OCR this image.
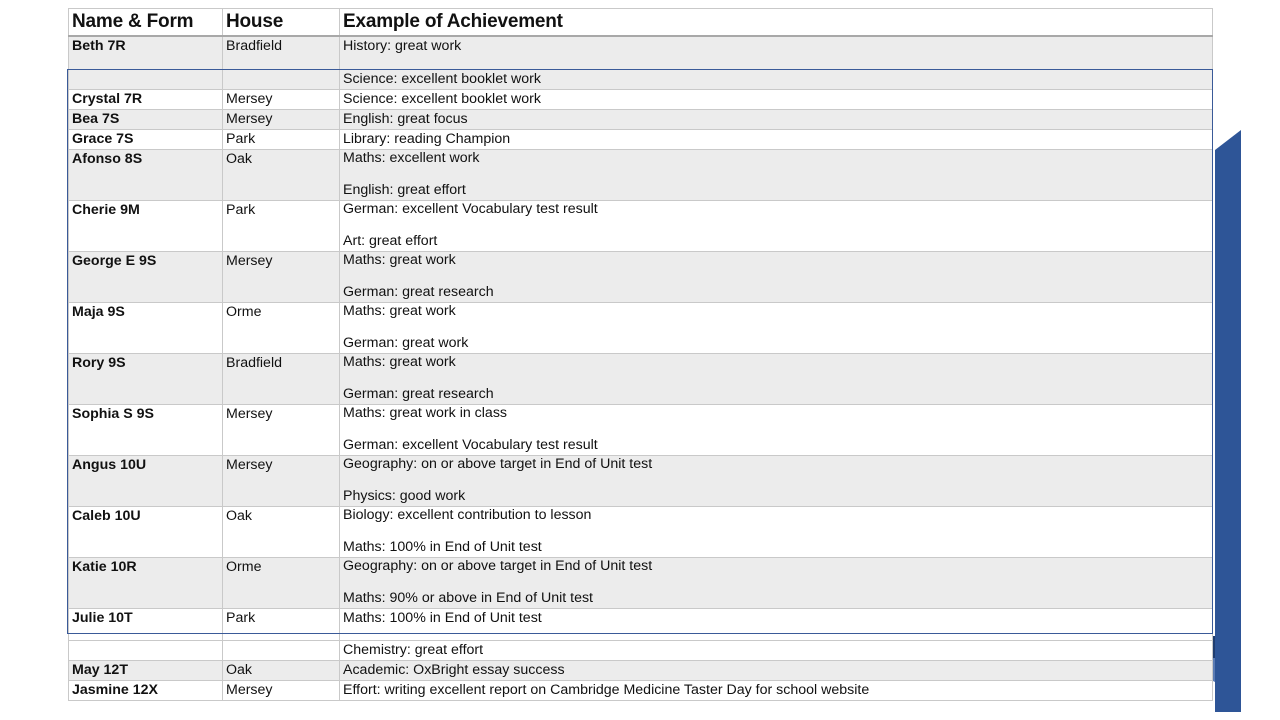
Name & Form	House	Example of Achievement
Beth 7R	Bradfield	History: great work
		Science: excellent booklet work
Crystal 7R	Mersey	Science: excellent booklet work
Bea 7S	Mersey	English: great focus
Grace 7S	Park	Library: reading Champion
Afonso 8S	Oak	Maths: excellent work
English: great effort

Cherie 9M	Park	German: excellent Vocabulary test result
Art: great effort

George E 9S	Mersey	Maths: great work
German: great research

Maja 9S	Orme	Maths: great work
German: great work

Rory 9S	Bradfield	Maths: great work
German: great research

Sophia S 9S	Mersey	Maths: great work in class
German: excellent Vocabulary test result

Angus 10U	Mersey	Geography: on or above target in End of Unit test
Physics: good work

Caleb 10U	Oak	Biology: excellent contribution to lesson
Maths: 100% in End of Unit test

Katie 10R	Orme	Geography: on or above target in End of Unit test
Maths: 90% or above in End of Unit test

Julie 10T	Park	Maths: 100% in End of Unit test
		Chemistry: great effort
May 12T	Oak	Academic: OxBright essay success
Jasmine 12X	Mersey	Effort: writing excellent report on Cambridge Medicine Taster Day for school website
